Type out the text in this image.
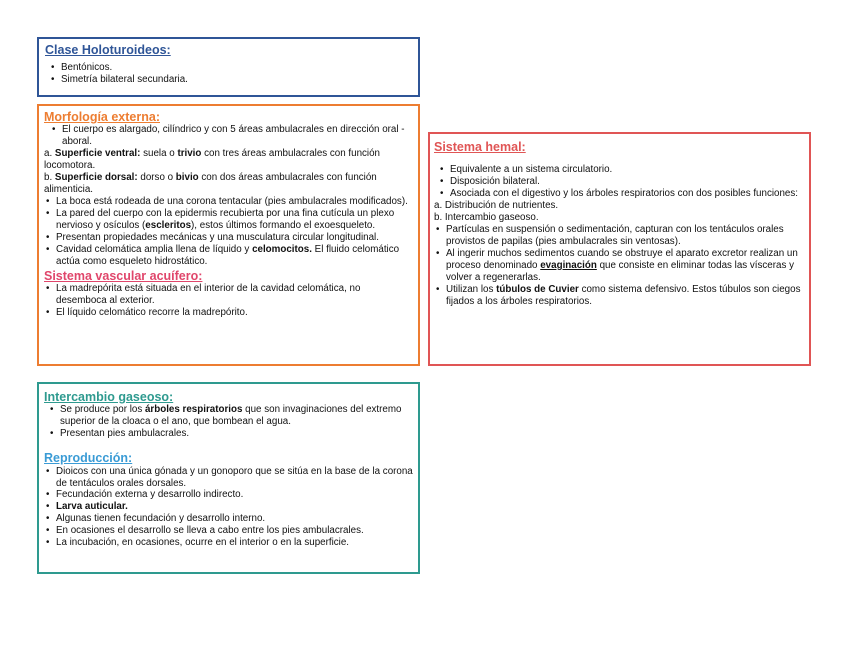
Clase Holoturoideos:
• Bentónicos.
• Simetría bilateral secundaria.
Morfología externa:
• El cuerpo es alargado, cilíndrico y con 5 áreas ambulacrales en dirección oral - aboral.
a. Superficie ventral: suela o trivio con tres áreas ambulacrales con función locomotora.
b. Superficie dorsal: dorso o bivio con dos áreas ambulacrales con función alimenticia.
• La boca está rodeada de una corona tentacular (pies ambulacrales modificados).
• La pared del cuerpo con la epidermis recubierta por una fina cutícula un plexo nervioso y osículos (escleritos), estos últimos formando el exoesqueleto.
• Presentan propiedades mecánicas y una musculatura circular longitudinal.
• Cavidad celomática amplia llena de líquido y celomocitos. El fluido celomático actúa como esqueleto hidrostático.
Sistema vascular acuífero:
• La madrepórita está situada en el interior de la cavidad celomática, no desemboca al exterior.
• El líquido celomático recorre la madrepórito.
Sistema hemal:
• Equivalente a un sistema circulatorio.
• Disposición bilateral.
• Asociada con el digestivo y los árboles respiratorios con dos posibles funciones:
a. Distribución de nutrientes.
b. Intercambio gaseoso.
• Partículas en suspensión o sedimentación, capturan con los tentáculos orales provistos de papilas (pies ambulacrales sin ventosas).
• Al ingerir muchos sedimentos cuando se obstruye el aparato excretor realizan un proceso denominado evaginación que consiste en eliminar todas las vísceras y volver a regenerarlas.
• Utilizan los túbulos de Cuvier como sistema defensivo. Estos túbulos son ciegos fijados a los árboles respiratorios.
Intercambio gaseoso:
• Se produce por los árboles respiratorios que son invaginaciones del extremo superior de la cloaca o el ano, que bombean el agua.
• Presentan pies ambulacrales.
Reproducción:
• Dioicos con una única gónada y un gonoporo que se sitúa en la base de la corona de tentáculos orales dorsales.
• Fecundación externa y desarrollo indirecto.
• Larva auticular.
• Algunas tienen fecundación y desarrollo interno.
• En ocasiones el desarrollo se lleva a cabo entre los pies ambulacrales.
• La incubación, en ocasiones, ocurre en el interior o en la superficie.
